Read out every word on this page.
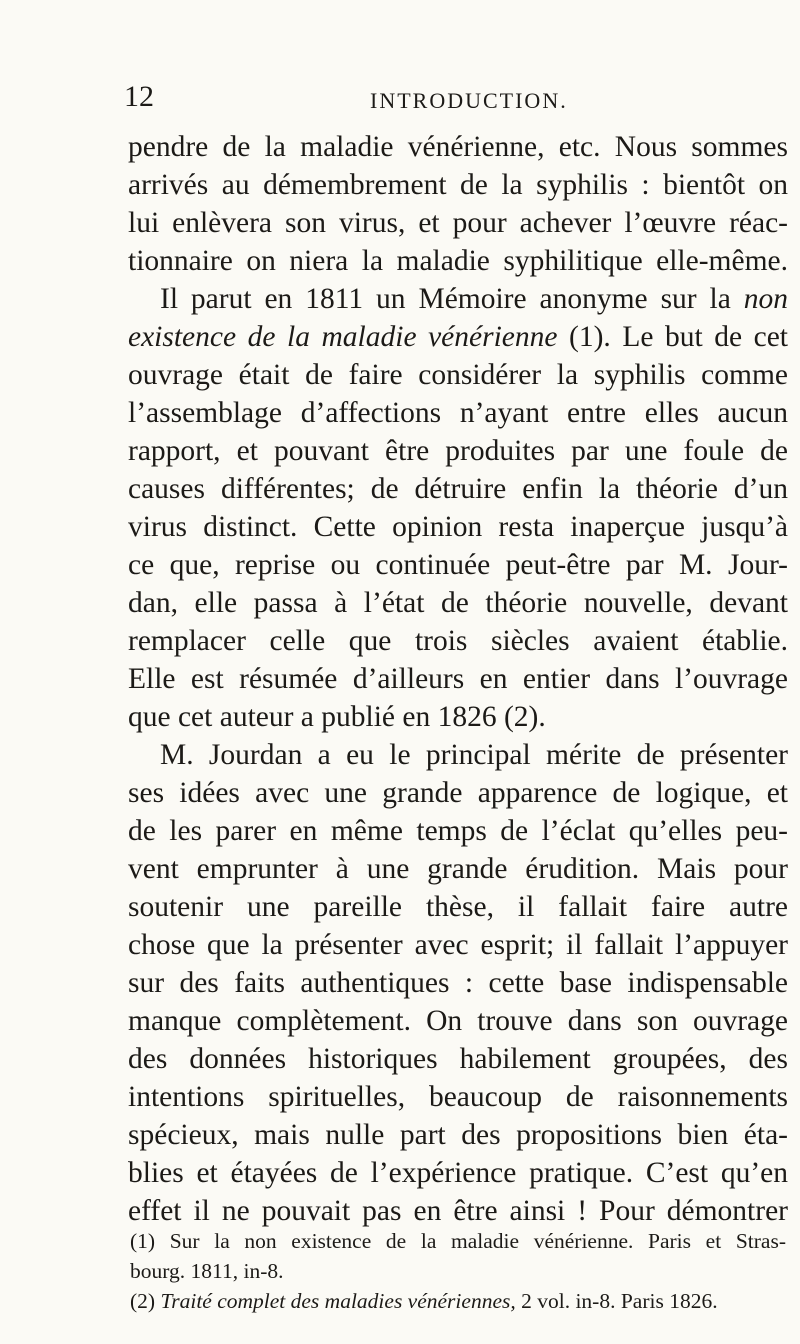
12	INTRODUCTION.
pendre de la maladie vénérienne, etc. Nous sommes
arrivés au démembrement de la syphilis : bientôt on
lui enlèvera son virus, et pour achever l’œuvre réac-
tionnaire on niera la maladie syphilitique elle-même.
Il parut en 1811 un Mémoire anonyme sur la non
existence de la maladie vénérienne (1). Le but de cet
ouvrage était de faire considérer la syphilis comme
l’assemblage d’affections n’ayant entre elles aucun
rapport, et pouvant être produites par une foule de
causes différentes; de détruire enfin la théorie d’un
virus distinct. Cette opinion resta inaperçue jusqu’à
ce que, reprise ou continuée peut-être par M. Jour-
dan, elle passa à l’état de théorie nouvelle, devant
remplacer celle que trois siècles avaient établie.
Elle est résumée d’ailleurs en entier dans l’ouvrage
que cet auteur a publié en 1826 (2).
M. Jourdan a eu le principal mérite de présenter
ses idées avec une grande apparence de logique, et
de les parer en même temps de l’éclat qu’elles peu-
vent emprunter à une grande érudition. Mais pour
soutenir une pareille thèse, il fallait faire autre
chose que la présenter avec esprit; il fallait l’appuyer
sur des faits authentiques : cette base indispensable
manque complètement. On trouve dans son ouvrage
des données historiques habilement groupées, des
intentions spirituelles, beaucoup de raisonnements
spécieux, mais nulle part des propositions bien éta-
blies et étayées de l’expérience pratique. C’est qu’en
effet il ne pouvait pas en être ainsi ! Pour démontrer
(1) Sur la non existence de la maladie vénérienne. Paris et Stras-
bourg. 1811, in-8.
(2) Traité complet des maladies vénériennes, 2 vol. in-8. Paris 1826.
